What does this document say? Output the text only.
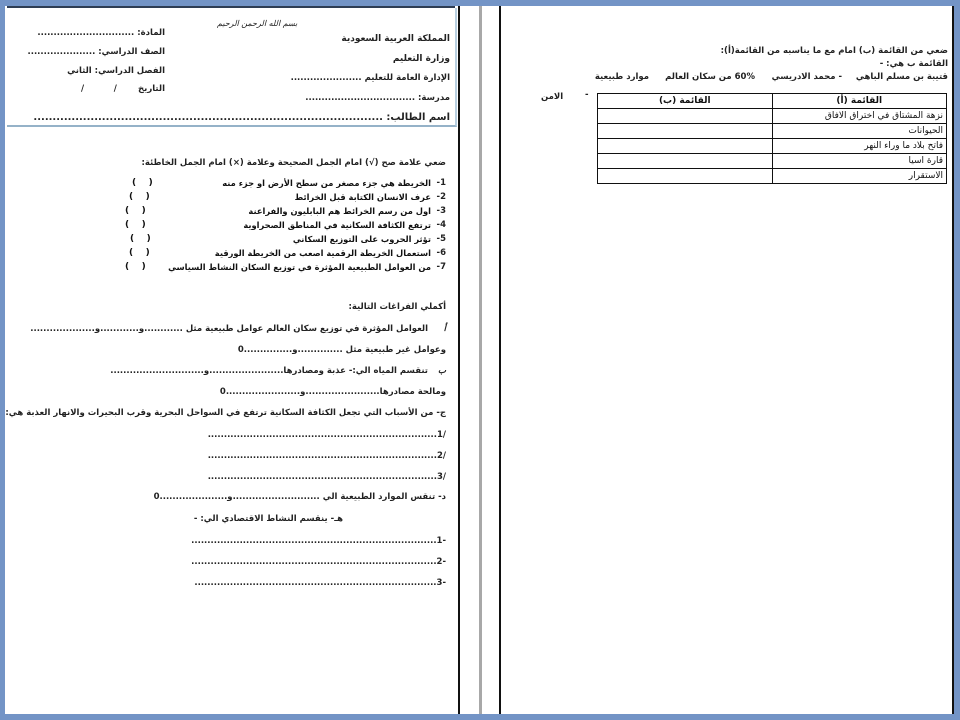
بسم الله الرحمن الرحيم
المملكة العربية السعودية
وزارة التعليم
الإدارة العامة للتعليم ......................
مدرسة: ..................................
اسم الطالب: ............................................................................................
المادة: ..............................
الصف الدراسي: .....................
الفصل الدراسي: الثاني
التاريخ
/          /
ضعي علامة صح (√) امام الجمل الصحيحة وعلامة (×) امام الجمل الخاطئة:
1-
الخريطة هي جزء مصغر من سطح الأرض او جزء منه
(    )
2-
عرف الانسان الكتابة قبل الخرائط
(    )
3-
اول من رسم الخرائط هم البابليون والفراعنة
(    )
4-
ترتفع الكثافة السكانية في المناطق الصحراوية
(    )
5-
تؤثر الحروب على التوزيع السكاني
(    )
6-
استعمال الخريطة الرقمية اصعب من الخريطة الورقية
(    )
7-
من العوامل الطبيعية المؤثرة في توزيع السكان النشاط السياسي
(    )
أكملي الفراغات التالية:
أ
العوامل المؤثرة في توزيع سكان العالم عوامل طبيعية مثل ............و............و....................
وعوامل غير طبيعية مثل ..............و...............0
ب
تنقسم المياه الي:- عذبة ومصادرها.......................و.............................
ومالحة مصادرها.......................و.......................0
ج- من الأسباب التي تجعل الكثافة السكانية ترتفع في السواحل البحرية وقرب البحيرات والانهار العذبة هي:
/1.......................................................................
/2.......................................................................
/3.......................................................................
د- تنقس الموارد الطبيعية الي ...........................و.....................0
هـ- ينقسم النشاط الاقتصادي الي: -
-1............................................................................
-2............................................................................
-3...........................................................................
ضعي من القائمة (ب) امام مع ما يناسبه من القائمة(أ):
القائمة ب هي: -
قتيبة بن مسلم الباهي
- محمد الادريسي
60% من سكان العالم
موارد طبيعية
-
الامن	القائمة (ب)	القائمة (أ)
	نزهة المشتاق في اختراق الافاق
	الحيوانات
	فاتح بلاد ما وراء النهر
	قارة اسيا
	الاستقرار
